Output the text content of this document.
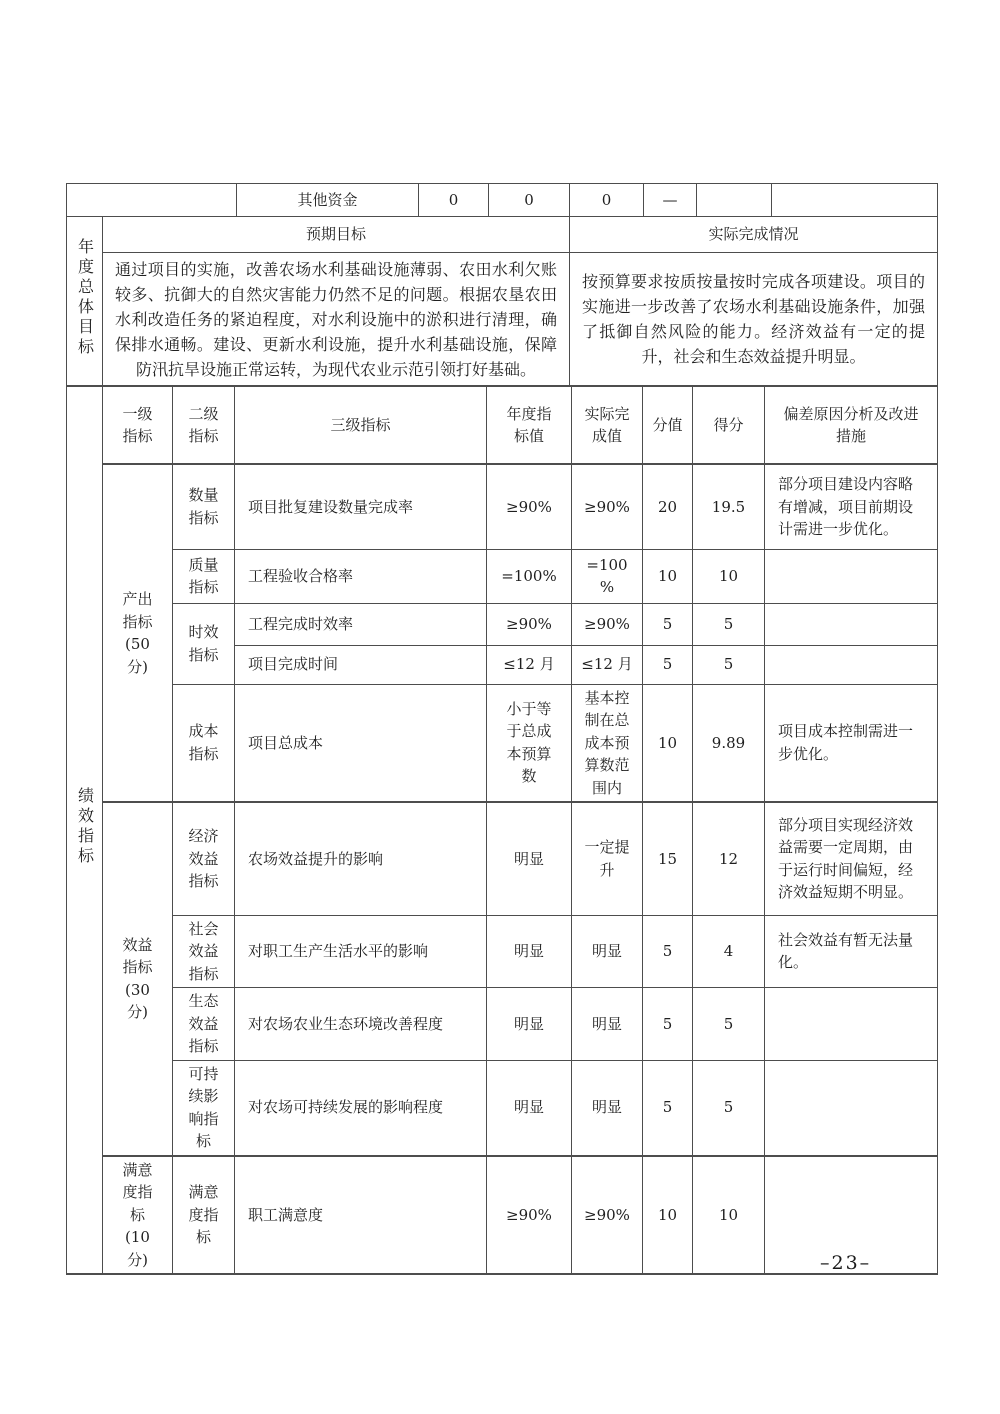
		其他资金	0	0	0	—		
年度总体目标	预期目标				实际完成情况			
	通过项目的实施，改善农场水利基础设施薄弱、农田水利欠账较多、抗御大的自然灾害能力仍然不足的问题。根据农垦农田水利改造任务的紧迫程度，对水利设施中的淤积进行清理，确保排水通畅。建设、更新水利设施，提升水利基础设施，保障防汛抗旱设施正常运转，为现代农业示范引领打好基础。				按预算要求按质按量按时完成各项建设。项目的实施进一步改善了农场水利基础设施条件，加强了抵御自然风险的能力。经济效益有一定的提升，社会和生态效益提升明显。			
绩效指标	一级指标	二级指标	三级指标	年度指标值	实际完成值	分值	得分	偏差原因分析及改进措施
	产出指标(50分)	数量指标	项目批复建设数量完成率	≥90%	≥90%	20	19.5	部分项目建设内容略有增减，项目前期设计需进一步优化。
		质量指标	工程验收合格率	=100%	=100%	10	10	
		时效指标	工程完成时效率	≥90%	≥90%	5	5	
			项目完成时间	≤12 月	≤12 月	5	5	
		成本指标	项目总成本	小于等于总成本预算数	基本控制在总成本预算数范围内	10	9.89	项目成本控制需进一步优化。
	效益指标(30分)	经济效益指标	农场效益提升的影响	明显	一定提升	15	12	部分项目实现经济效益需要一定周期，由于运行时间偏短，经济效益短期不明显。
		社会效益指标	对职工生产生活水平的影响	明显	明显	5	4	社会效益有暂无法量化。
		生态效益指标	对农场农业生态环境改善程度	明显	明显	5	5	
		可持续影响指标	对农场可持续发展的影响程度	明显	明显	5	5	
	满意度指标(10分)	满意度指标	职工满意度	≥90%	≥90%	10	10	
–23–
